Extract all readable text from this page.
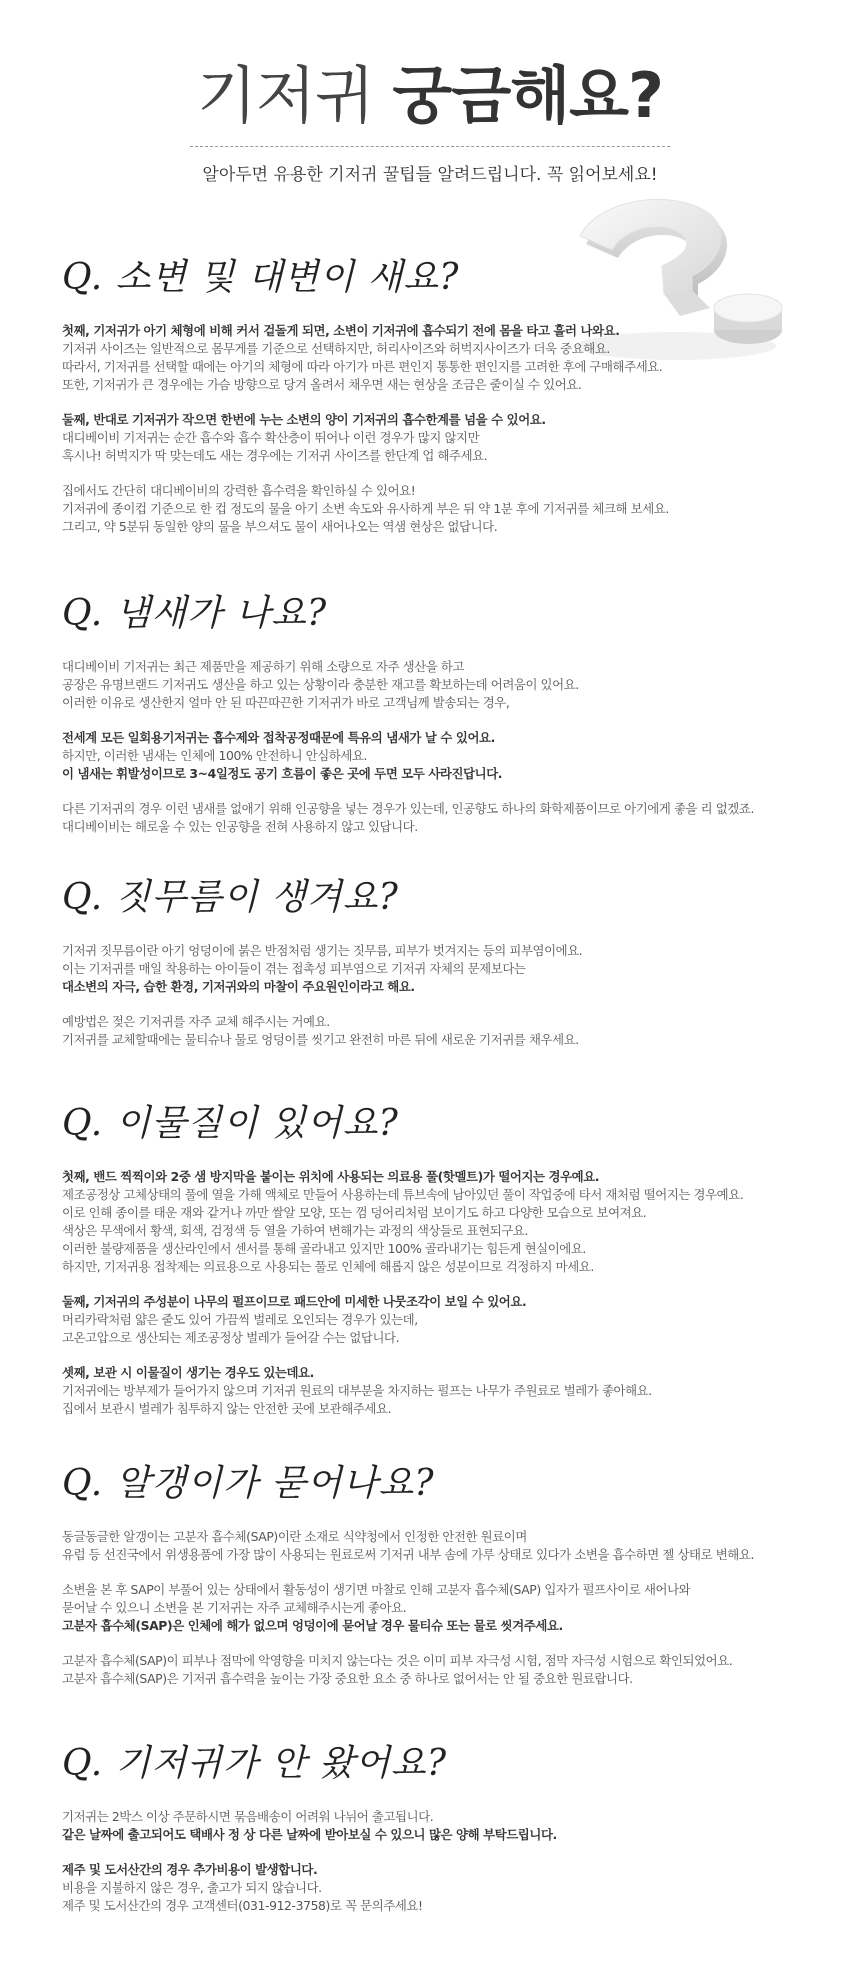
기저귀 궁금해요?
알아두면 유용한 기저귀 꿀팁들 알려드립니다. 꼭 읽어보세요!
Q. 소변 및 대변이 새요?
첫째, 기저귀가 아기 체형에 비해 커서 겉돌게 되면, 소변이 기저귀에 흡수되기 전에 몸을 타고 흘러 나와요.
기저귀 사이즈는 일반적으로 몸무게를 기준으로 선택하지만, 허리사이즈와 허벅지사이즈가 더욱 중요해요.
따라서, 기저귀를 선택할 때에는 아기의 체형에 따라 아기가 마른 편인지 통통한 편인지를 고려한 후에 구매해주세요.
또한, 기저귀가 큰 경우에는 가슴 방향으로 당겨 올려서 채우면 새는 현상을 조금은 줄이실 수 있어요.
둘째, 반대로 기저귀가 작으면 한번에 누는 소변의 양이 기저귀의 흡수한계를 넘을 수 있어요.
대디베이비 기저귀는 순간 흡수와 흡수 확산층이 뛰어나 이런 경우가 많지 않지만
혹시나! 허벅지가 딱 맞는데도 새는 경우에는 기저귀 사이즈를 한단계 업 해주세요.
집에서도 간단히 대디베이비의 강력한 흡수력을 확인하실 수 있어요!
기저귀에 종이컵 기준으로 한 컵 정도의 물을 아기 소변 속도와 유사하게 부은 뒤 약 1분 후에 기저귀를 체크해 보세요.
그리고, 약 5분뒤 동일한 양의 물을 부으셔도 물이 새어나오는 역샘 현상은 없답니다.
Q. 냄새가 나요?
대디베이비 기저귀는 최근 제품만을 제공하기 위해 소량으로 자주 생산을 하고
공장은 유명브랜드 기저귀도 생산을 하고 있는 상황이라 충분한 재고를 확보하는데 어려움이 있어요.
이러한 이유로 생산한지 얼마 안 된 따끈따끈한 기저귀가 바로 고객님께 발송되는 경우,
전세계 모든 일회용기저귀는 흡수제와 접착공정때문에 특유의 냄새가 날 수 있어요.
하지만, 이러한 냄새는 인체에 100% 안전하니 안심하세요.
이 냄새는 휘발성이므로 3~4일정도 공기 흐름이 좋은 곳에 두면 모두 사라진답니다.
다른 기저귀의 경우 이런 냄새를 없애기 위해 인공향을 넣는 경우가 있는데, 인공향도 하나의 화학제품이므로 아기에게 좋을 리 없겠죠.
대디베이비는 해로울 수 있는 인공향을 전혀 사용하지 않고 있답니다.
Q. 짓무름이 생겨요?
기저귀 짓무름이란 아기 엉덩이에 붉은 반점처럼 생기는 짓무름, 피부가 벗겨지는 등의 피부염이에요.
이는 기저귀를 매일 착용하는 아이들이 겪는 접촉성 피부염으로 기저귀 자체의 문제보다는
대소변의 자극, 습한 환경, 기저귀와의 마찰이 주요원인이라고 해요.
예방법은 젖은 기저귀를 자주 교체 해주시는 거예요.
기저귀를 교체할때에는 물티슈나 물로 엉덩이를 씻기고 완전히 마른 뒤에 새로운 기저귀를 채우세요.
Q. 이물질이 있어요?
첫째, 밴드 찍찍이와 2중 샘 방지막을 붙이는 위치에 사용되는 의료용 풀(핫멜트)가 떨어지는 경우예요.
제조공정상 고체상태의 풀에 열을 가해 액체로 만들어 사용하는데 튜브속에 남아있던 풀이 작업중에 타서 재처럼 떨어지는 경우예요.
이로 인해 종이를 태운 재와 같거나 까만 쌀알 모양, 또는 껌 덩어리처럼 보이기도 하고 다양한 모습으로 보여져요.
색상은 무색에서 황색, 회색, 검정색 등 열을 가하여 변해가는 과정의 색상들로 표현되구요.
이러한 불량제품을 생산라인에서 센서를 통해 골라내고 있지만 100% 골라내기는 힘든게 현실이에요.
하지만, 기저귀용 접착제는 의료용으로 사용되는 풀로 인체에 해롭지 않은 성분이므로 걱정하지 마세요.
둘째, 기저귀의 주성분이 나무의 펄프이므로 패드안에 미세한 나뭇조각이 보일 수 있어요.
머리카락처럼 얇은 줄도 있어 가끔씩 벌레로 오인되는 경우가 있는데,
고온고압으로 생산되는 제조공정상 벌레가 들어갈 수는 없답니다.
셋째, 보관 시 이물질이 생기는 경우도 있는데요.
기저귀에는 방부제가 들어가지 않으며 기저귀 원료의 대부분을 차지하는 펄프는 나무가 주원료로 벌레가 좋아해요.
집에서 보관시 벌레가 침투하지 않는 안전한 곳에 보관해주세요.
Q. 알갱이가 묻어나요?
동글동글한 알갱이는 고분자 흡수체(SAP)이란 소재로 식약청에서 인정한 안전한 원료이며
유럽 등 선진국에서 위생용품에 가장 많이 사용되는 원료로써 기저귀 내부 솜에 가루 상태로 있다가 소변을 흡수하면 젤 상태로 변해요.
소변을 본 후 SAP이 부풀어 있는 상태에서 활동성이 생기면 마찰로 인해 고분자 흡수체(SAP) 입자가 펄프사이로 새어나와
묻어날 수 있으니 소변을 본 기저귀는 자주 교체해주시는게 좋아요.
고분자 흡수체(SAP)은 인체에 해가 없으며 엉덩이에 묻어날 경우 물티슈 또는 물로 씻겨주세요.
고분자 흡수체(SAP)이 피부나 점막에 악영향을 미치지 않는다는 것은 이미 피부 자극성 시험, 점막 자극성 시험으로 확인되었어요.
고분자 흡수체(SAP)은 기저귀 흡수력을 높이는 가장 중요한 요소 중 하나로 없어서는 안 될 중요한 원료랍니다.
Q. 기저귀가 안 왔어요?
기저귀는 2박스 이상 주문하시면 묶음배송이 어려워 나뉘어 출고됩니다.
같은 날짜에 출고되어도 택배사 정 상 다른 날짜에 받아보실 수 있으니 많은 양해 부탁드립니다.
제주 및 도서산간의 경우 추가비용이 발생합니다.
비용을 지불하지 않은 경우, 출고가 되지 않습니다.
제주 및 도서산간의 경우 고객센터(031-912-3758)로 꼭 문의주세요!
